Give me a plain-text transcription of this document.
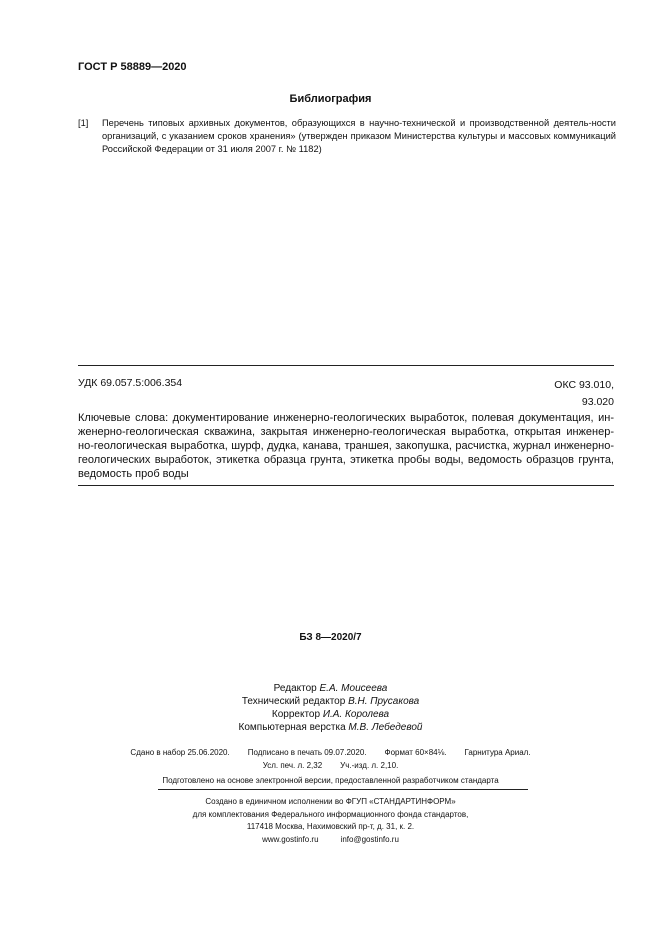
ГОСТ Р 58889—2020
Библиография
[1] Перечень типовых архивных документов, образующихся в научно-технической и производственной деятель-ности организаций, с указанием сроков хранения» (утвержден приказом Министерства культуры и массовых коммуникаций Российской Федерации от 31 июля 2007 г. № 1182)
УДК 69.057.5:006.354	ОКС 93.010,
93.020
Ключевые слова: документирование инженерно-геологических выработок, полевая документация, ин-женерно-геологическая скважина, закрытая инженерно-геологическая выработка, открытая инженер-но-геологическая выработка, шурф, дудка, канава, траншея, закопушка, расчистка, журнал инженерно-геологических выработок, этикетка образца грунта, этикетка пробы воды, ведомость образцов грунта, ведомость проб воды
БЗ 8—2020/7
Редактор Е.А. Моисеева
Технический редактор В.Н. Прусакова
Корректор И.А. Королева
Компьютерная верстка М.В. Лебедевой
Сдано в набор 25.06.2020. Подписано в печать 09.07.2020. Формат 60×84⅛. Гарнитура Ариал.
Усл. печ. л. 2,32 Уч.-изд. л. 2,10.
Подготовлено на основе электронной версии, предоставленной разработчиком стандарта
Создано в единичном исполнении во ФГУП «СТАНДАРТИНФОРМ»
для комплектования Федерального информационного фонда стандартов,
117418 Москва, Нахимовский пр-т, д. 31, к. 2.
www.gostinfo.ru	info@gostinfo.ru
